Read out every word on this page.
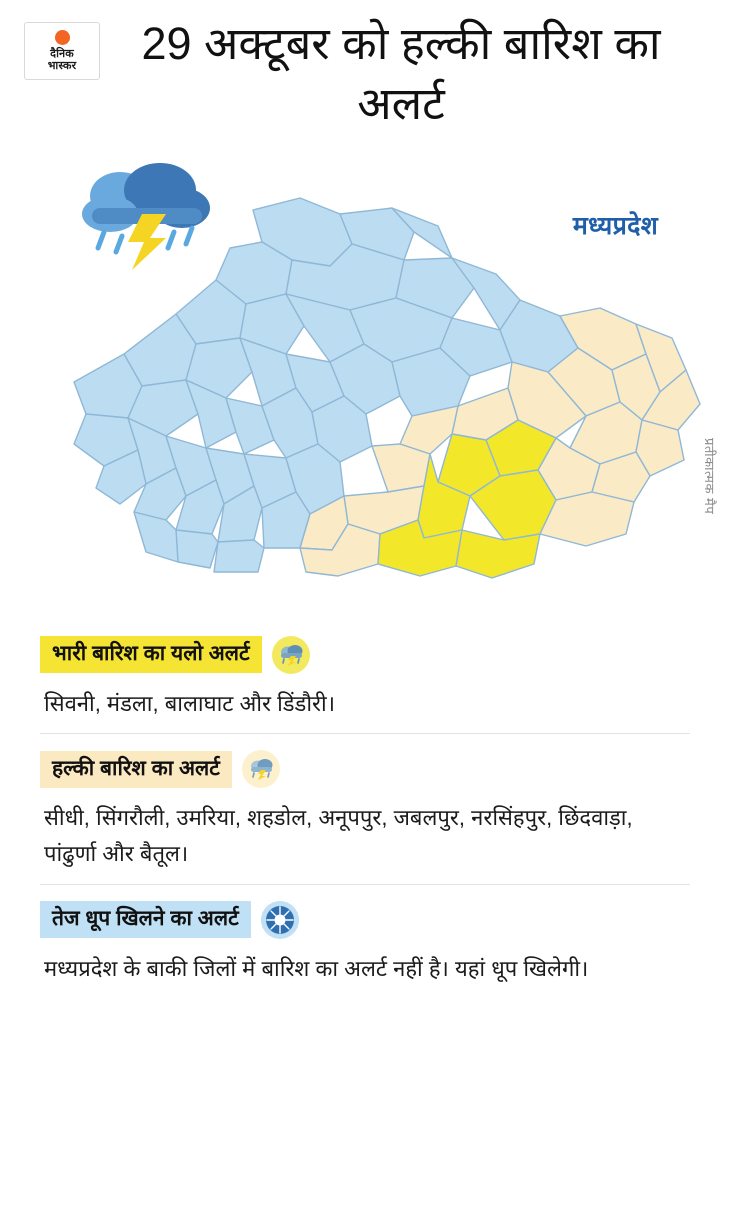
दैनिक
भास्कर	29 अक्टूबर को हल्की बारिश का अलर्ट
मध्यप्रदेश
प्रतीकात्मक मैप
भारी बारिश का यलो अलर्ट
सिवनी, मंडला, बालाघाट और डिंडौरी।
हल्की बारिश का अलर्ट
सीधी, सिंगरौली, उमरिया, शहडोल, अनूपपुर, जबलपुर, नरसिंहपुर, छिंदवाड़ा, पांढुर्णा और बैतूल।
तेज धूप खिलने का अलर्ट
मध्यप्रदेश के बाकी जिलों में बारिश का अलर्ट नहीं है। यहां धूप खिलेगी।
